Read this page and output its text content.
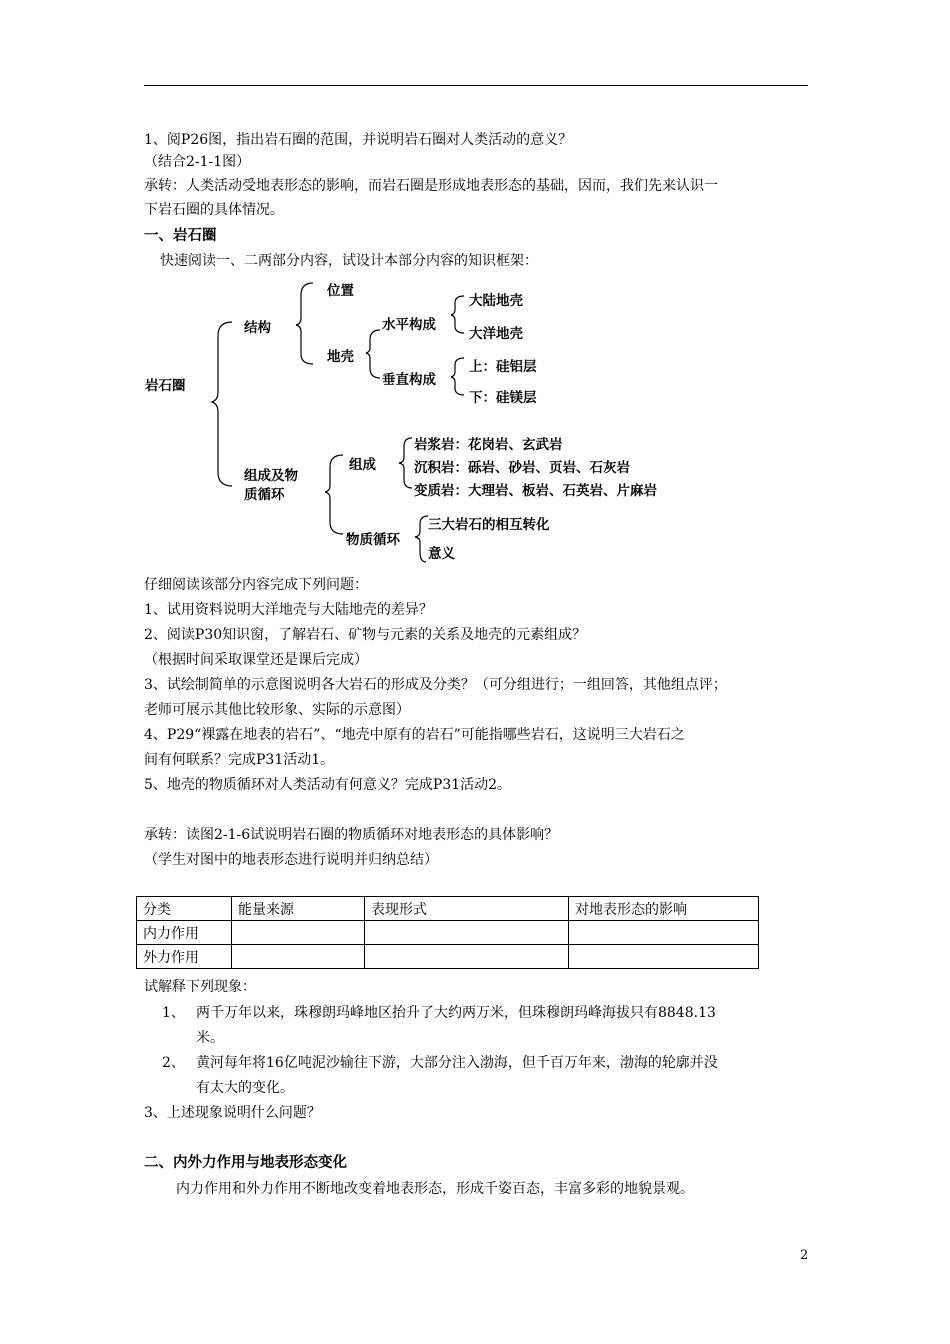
1、阅P26图，指出岩石圈的范围，并说明岩石圈对人类活动的意义？
（结合2-1-1图）
承转：人类活动受地表形态的影响，而岩石圈是形成地表形态的基础，因而，我们先来认识一
下岩石圈的具体情况。
一、岩石圈
快速阅读一、二两部分内容，试设计本部分内容的知识框架：
岩石圈
结构
位置
地壳
水平构成
大陆地壳
大洋地壳
垂直构成
上：硅铝层
下：硅镁层
组成及物
质循环
组成
岩浆岩：花岗岩、玄武岩
沉积岩：砾岩、砂岩、页岩、石灰岩
变质岩：大理岩、板岩、石英岩、片麻岩
物质循环
三大岩石的相互转化
意义
仔细阅读该部分内容完成下列问题：
1、试用资料说明大洋地壳与大陆地壳的差异？
2、阅读P30知识窗，了解岩石、矿物与元素的关系及地壳的元素组成？
（根据时间采取课堂还是课后完成）
3、试绘制简单的示意图说明各大岩石的形成及分类？（可分组进行；一组回答，其他组点评；
老师可展示其他比较形象、实际的示意图）
4、P29“裸露在地表的岩石”、“地壳中原有的岩石”可能指哪些岩石，这说明三大岩石之
间有何联系？完成P31活动1。
5、地壳的物质循环对人类活动有何意义？完成P31活动2。
承转：读图2-1-6试说明岩石圈的物质循环对地表形态的具体影响？
（学生对图中的地表形态进行说明并归纳总结）
分类	能量来源	表现形式	对地表形态的影响
内力作用			
外力作用			
试解释下列现象：
1、 两千万年以来，珠穆朗玛峰地区抬升了大约两万米，但珠穆朗玛峰海拔只有8848.13
米。
2、 黄河每年将16亿吨泥沙输往下游，大部分注入渤海，但千百万年来，渤海的轮廓并没
有太大的变化。
3、上述现象说明什么问题？
二、内外力作用与地表形态变化
内力作用和外力作用不断地改变着地表形态，形成千姿百态，丰富多彩的地貌景观。
2
